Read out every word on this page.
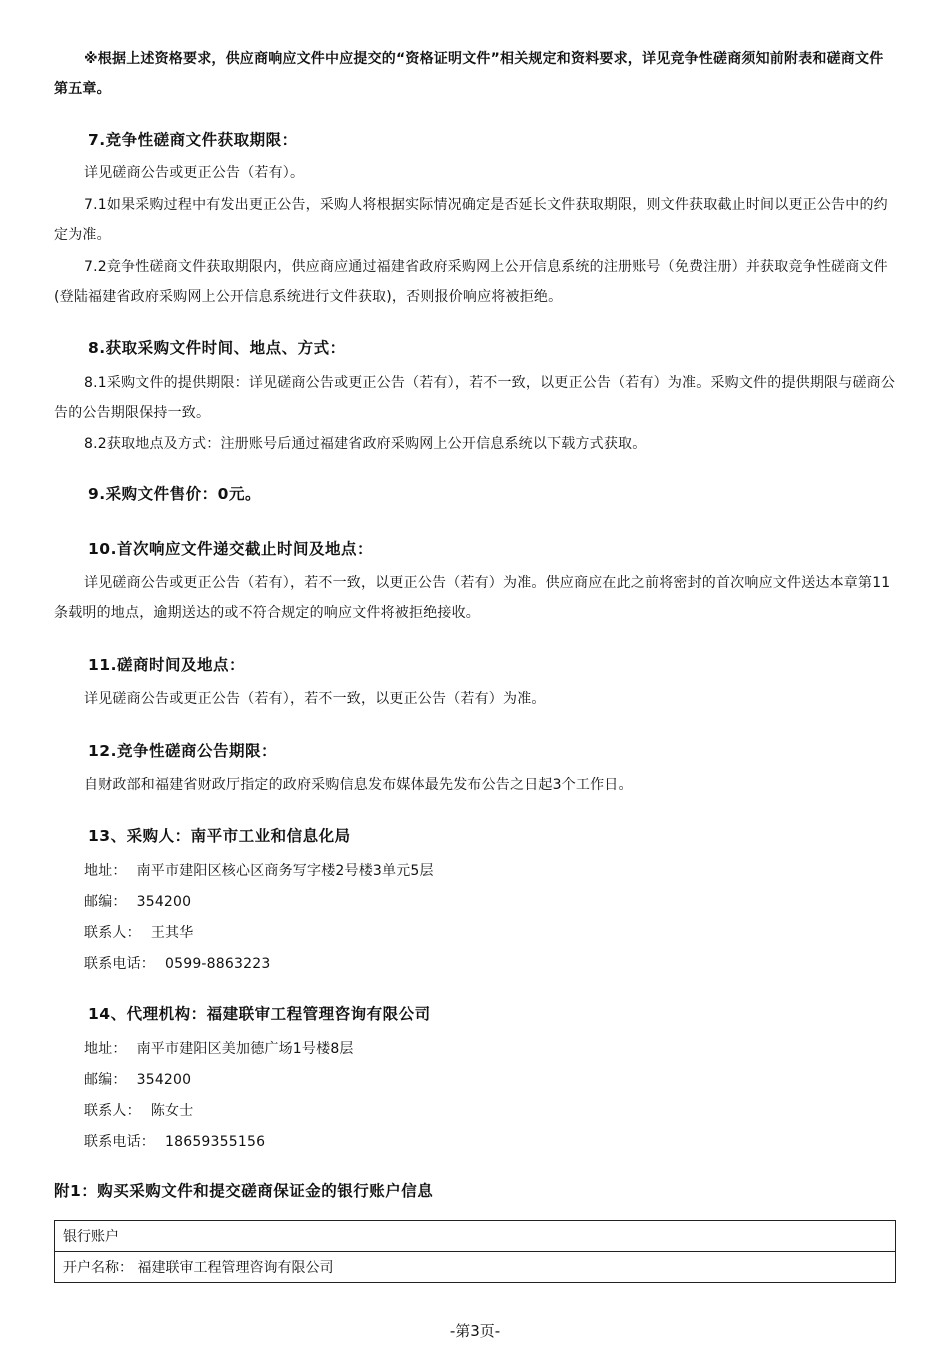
※根据上述资格要求，供应商响应文件中应提交的“资格证明文件”相关规定和资料要求，详见竞争性磋商须知前附表和磋商文件第五章。
7.竞争性磋商文件获取期限：
详见磋商公告或更正公告（若有）。
7.1如果采购过程中有发出更正公告，采购人将根据实际情况确定是否延长文件获取期限，则文件获取截止时间以更正公告中的约定为准。
7.2竞争性磋商文件获取期限内，供应商应通过福建省政府采购网上公开信息系统的注册账号（免费注册）并获取竞争性磋商文件(登陆福建省政府采购网上公开信息系统进行文件获取)，否则报价响应将被拒绝。
8.获取采购文件时间、地点、方式：
8.1采购文件的提供期限：详见磋商公告或更正公告（若有），若不一致，以更正公告（若有）为准。采购文件的提供期限与磋商公告的公告期限保持一致。
8.2获取地点及方式：注册账号后通过福建省政府采购网上公开信息系统以下载方式获取。
9.采购文件售价：0元。
10.首次响应文件递交截止时间及地点：
详见磋商公告或更正公告（若有），若不一致，以更正公告（若有）为准。供应商应在此之前将密封的首次响应文件送达本章第11条载明的地点，逾期送达的或不符合规定的响应文件将被拒绝接收。
11.磋商时间及地点：
详见磋商公告或更正公告（若有），若不一致，以更正公告（若有）为准。
12.竞争性磋商公告期限：
自财政部和福建省财政厅指定的政府采购信息发布媒体最先发布公告之日起3个工作日。
13、采购人：南平市工业和信息化局
地址： 南平市建阳区核心区商务写字楼2号楼3单元5层
邮编： 354200
联系人： 王其华
联系电话： 0599-8863223
14、代理机构：福建联审工程管理咨询有限公司
地址： 南平市建阳区美加德广场1号楼8层
邮编： 354200
联系人： 陈女士
联系电话： 18659355156
附1：购买采购文件和提交磋商保证金的银行账户信息
银行账户
开户名称： 福建联审工程管理咨询有限公司
-第3页-
